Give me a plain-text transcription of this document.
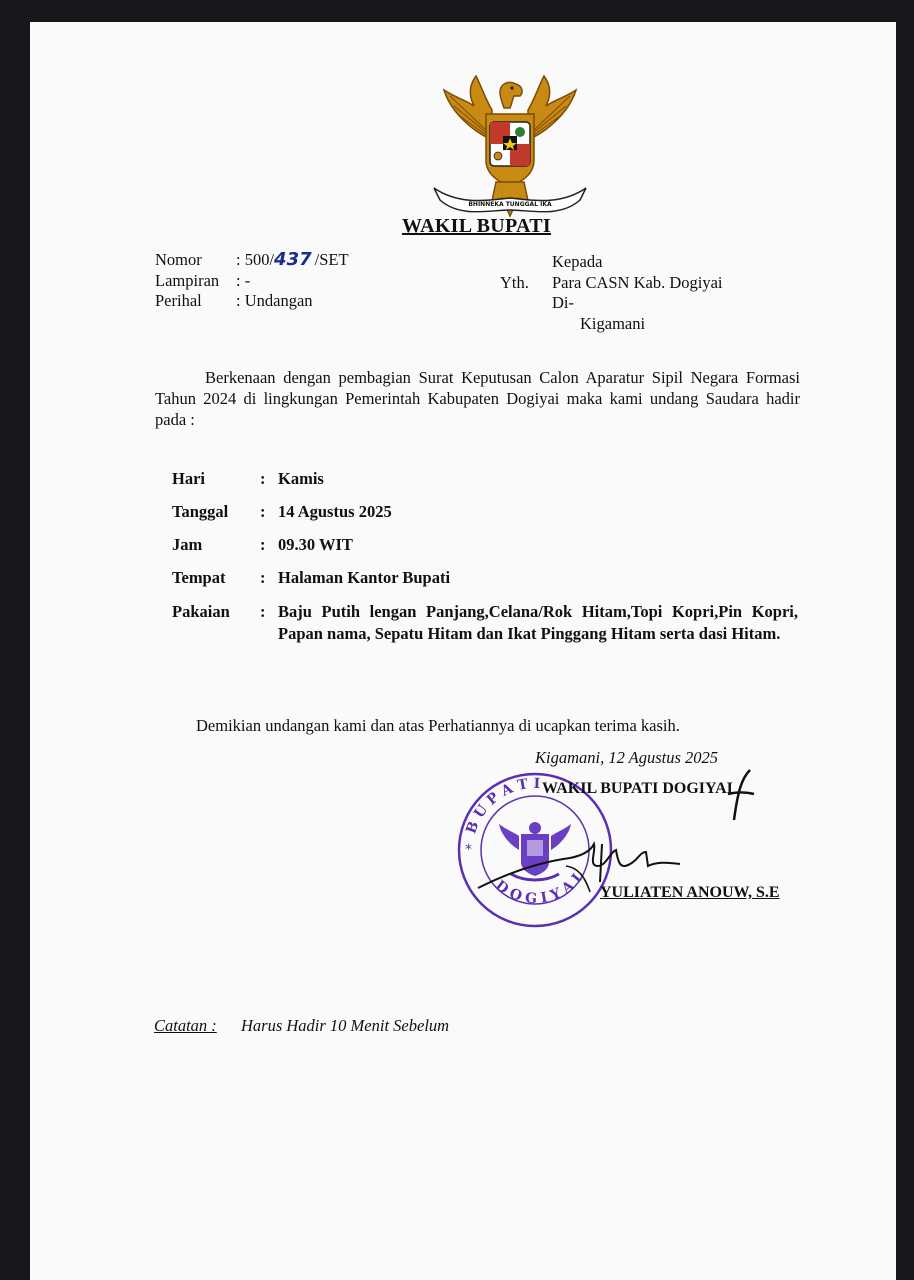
BHINNEKA TUNGGAL IKA
WAKIL BUPATI
Nomor : 500/437 /SET
Lampiran : -
Perihal : Undangan
Kepada
Yth. Para CASN Kab. Dogiyai
Di-
Kigamani
Berkenaan dengan pembagian Surat Keputusan Calon Aparatur Sipil Negara Formasi Tahun 2024 di lingkungan Pemerintah Kabupaten Dogiyai maka kami undang Saudara hadir pada :
Hari	: Kamis
Tanggal : 14 Agustus 2025
Jam	: 09.30 WIT
Tempat : Halaman Kantor Bupati
Pakaian : Baju Putih lengan Panjang,Celana/Rok Hitam,Topi Kopri,Pin Kopri, Papan nama, Sepatu Hitam dan Ikat Pinggang Hitam serta dasi Hitam.
Demikian undangan kami dan atas Perhatiannya di ucapkan terima kasih.
Kigamani, 12 Agustus 2025
B U P A T I
D O G I Y A I
*
WAKIL BUPATI DOGIYAI
YULIATEN ANOUW, S.E
Catatan : Harus Hadir 10 Menit Sebelum
